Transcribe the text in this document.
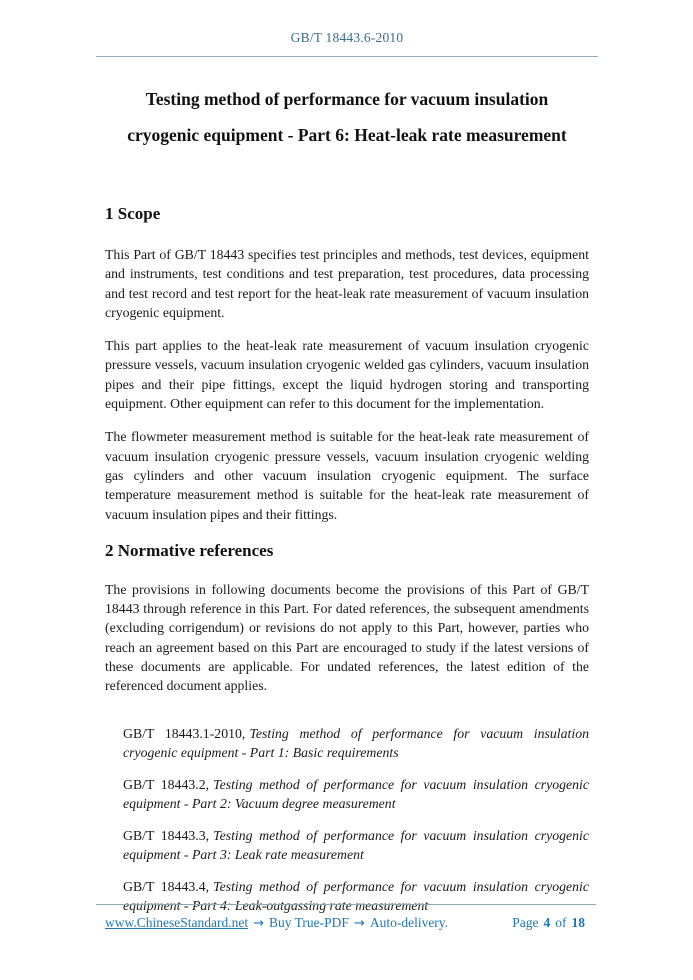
GB/T 18443.6-2010
Testing method of performance for vacuum insulation
cryogenic equipment - Part 6: Heat-leak rate measurement
1 Scope

This Part of GB/T 18443 specifies test principles and methods, test devices, equipment and instruments, test conditions and test preparation, test procedures, data processing and test record and test report for the heat-leak rate measurement of vacuum insulation cryogenic equipment.

This part applies to the heat-leak rate measurement of vacuum insulation cryogenic pressure vessels, vacuum insulation cryogenic welded gas cylinders, vacuum insulation pipes and their pipe fittings, except the liquid hydrogen storing and transporting equipment. Other equipment can refer to this document for the implementation.

The flowmeter measurement method is suitable for the heat-leak rate measurement of vacuum insulation cryogenic pressure vessels, vacuum insulation cryogenic welding gas cylinders and other vacuum insulation cryogenic equipment. The surface temperature measurement method is suitable for the heat-leak rate measurement of vacuum insulation pipes and their fittings.

2 Normative references

The provisions in following documents become the provisions of this Part of GB/T 18443 through reference in this Part. For dated references, the subsequent amendments (excluding corrigendum) or revisions do not apply to this Part, however, parties who reach an agreement based on this Part are encouraged to study if the latest versions of these documents are applicable. For undated references, the latest edition of the referenced document applies.

GB/T 18443.1-2010, Testing method of performance for vacuum insulation cryogenic equipment - Part 1: Basic requirements
GB/T 18443.2, Testing method of performance for vacuum insulation cryogenic equipment - Part 2: Vacuum degree measurement
GB/T 18443.3, Testing method of performance for vacuum insulation cryogenic equipment - Part 3: Leak rate measurement
GB/T 18443.4, Testing method of performance for vacuum insulation cryogenic equipment - Part 4: Leak-outgassing rate measurement
www.ChineseStandard.net → Buy True-PDF → Auto-delivery.	Page 4 of 18
